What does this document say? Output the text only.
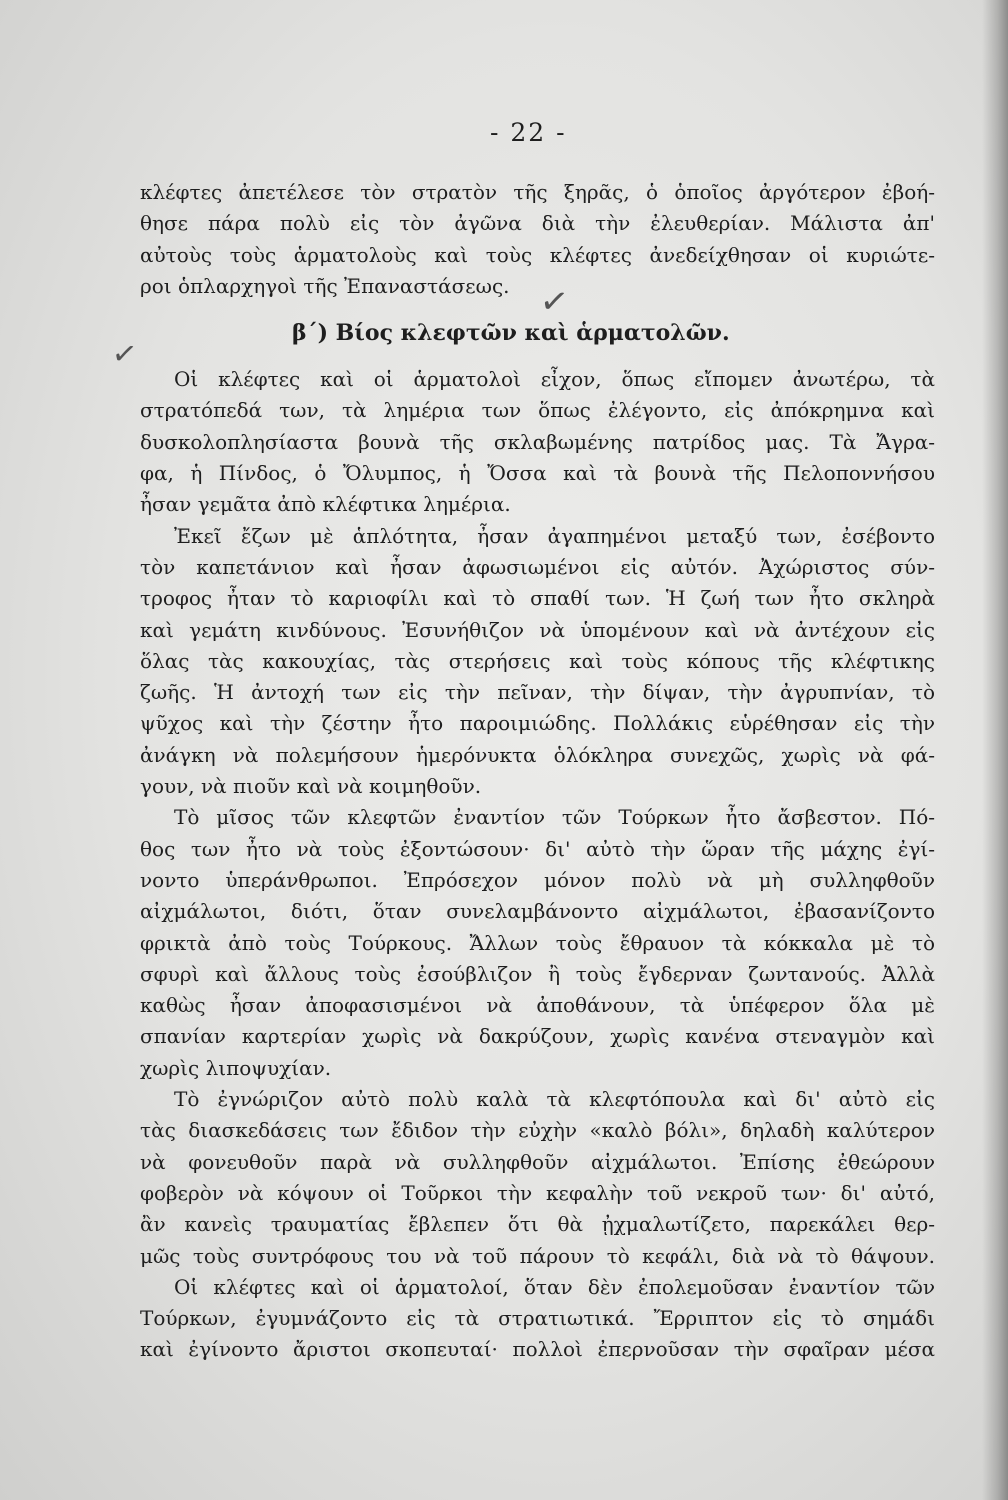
- 22 -
κλέφτες ἀπετέλεσε τὸν στρατὸν τῆς ξηρᾶς, ὁ ὁποῖος ἀργότερον ἐβοή-
θησε πάρα πολὺ εἰς τὸν ἀγῶνα διὰ τὴν ἐλευθερίαν. Μάλιστα ἀπ'
αὐτοὺς τοὺς ἁρματολοὺς καὶ τοὺς κλέφτες ἀνεδείχθησαν οἱ κυριώτε-
ροι ὁπλαρχηγοὶ τῆς Ἐπαναστάσεως.
β΄) Βίος κλεφτῶν καὶ ἁρματολῶν.
Οἱ κλέφτες καὶ οἱ ἁρματολοὶ εἶχον, ὅπως εἴπομεν ἀνωτέρω, τὰ
στρατόπεδά των, τὰ λημέρια των ὅπως ἐλέγοντο, εἰς ἀπόκρημνα καὶ
δυσκολοπλησίαστα βουνὰ τῆς σκλαβωμένης πατρίδος μας. Τὰ Ἄγρα-
φα, ἡ Πίνδος, ὁ Ὄλυμπος, ἡ Ὄσσα καὶ τὰ βουνὰ τῆς Πελοποννήσου
ἦσαν γεμᾶτα ἀπὸ κλέφτικα λημέρια.
Ἐκεῖ ἔζων μὲ ἁπλότητα, ἦσαν ἀγαπημένοι μεταξύ των, ἐσέβοντο
τὸν καπετάνιον καὶ ἦσαν ἀφωσιωμένοι εἰς αὐτόν. Ἀχώριστος σύν-
τροφος ἦταν τὸ καριοφίλι καὶ τὸ σπαθί των. Ἡ ζωή των ἦτο σκληρὰ
καὶ γεμάτη κινδύνους. Ἐσυνήθιζον νὰ ὑπομένουν καὶ νὰ ἀντέχουν εἰς
ὅλας τὰς κακουχίας, τὰς στερήσεις καὶ τοὺς κόπους τῆς κλέφτικης
ζωῆς. Ἡ ἀντοχή των εἰς τὴν πεῖναν, τὴν δίψαν, τὴν ἀγρυπνίαν, τὸ
ψῦχος καὶ τὴν ζέστην ἦτο παροιμιώδης. Πολλάκις εὑρέθησαν εἰς τὴν
ἀνάγκη νὰ πολεμήσουν ἡμερόνυκτα ὁλόκληρα συνεχῶς, χωρὶς νὰ φά-
γουν, νὰ πιοῦν καὶ νὰ κοιμηθοῦν.
Τὸ μῖσος τῶν κλεφτῶν ἐναντίον τῶν Τούρκων ἦτο ἄσβεστον. Πό-
θος των ἦτο νὰ τοὺς ἐξοντώσουν· δι' αὐτὸ τὴν ὥραν τῆς μάχης ἐγί-
νοντο ὑπεράνθρωποι. Ἐπρόσεχον μόνον πολὺ νὰ μὴ συλληφθοῦν
αἰχμάλωτοι, διότι, ὅταν συνελαμβάνοντο αἰχμάλωτοι, ἐβασανίζοντο
φρικτὰ ἀπὸ τοὺς Τούρκους. Ἄλλων τοὺς ἔθραυον τὰ κόκκαλα μὲ τὸ
σφυρὶ καὶ ἄλλους τοὺς ἐσούβλιζον ἢ τοὺς ἔγδερναν ζωντανούς. Ἀλλὰ
καθὼς ἦσαν ἀποφασισμένοι νὰ ἀποθάνουν, τὰ ὑπέφερον ὅλα μὲ
σπανίαν καρτερίαν χωρὶς νὰ δακρύζουν, χωρὶς κανένα στεναγμὸν καὶ
χωρὶς λιποψυχίαν.
Τὸ ἐγνώριζον αὐτὸ πολὺ καλὰ τὰ κλεφτόπουλα καὶ δι' αὐτὸ εἰς
τὰς διασκεδάσεις των ἔδιδον τὴν εὐχὴν «καλὸ βόλι», δηλαδὴ καλύτερον
νὰ φονευθοῦν παρὰ νὰ συλληφθοῦν αἰχμάλωτοι. Ἐπίσης ἐθεώρουν
φοβερὸν νὰ κόψουν οἱ Τοῦρκοι τὴν κεφαλὴν τοῦ νεκροῦ των· δι' αὐτό,
ἂν κανεὶς τραυματίας ἔβλεπεν ὅτι θὰ ᾐχμαλωτίζετο, παρεκάλει θερ-
μῶς τοὺς συντρόφους του νὰ τοῦ πάρουν τὸ κεφάλι, διὰ νὰ τὸ θάψουν.
Οἱ κλέφτες καὶ οἱ ἁρματολοί, ὅταν δὲν ἐπολεμοῦσαν ἐναντίον τῶν
Τούρκων, ἐγυμνάζοντο εἰς τὰ στρατιωτικά. Ἔρριπτον εἰς τὸ σημάδι
καὶ ἐγίνοντο ἄριστοι σκοπευταί· πολλοὶ ἐπερνοῦσαν τὴν σφαῖραν μέσα
✓
✓
